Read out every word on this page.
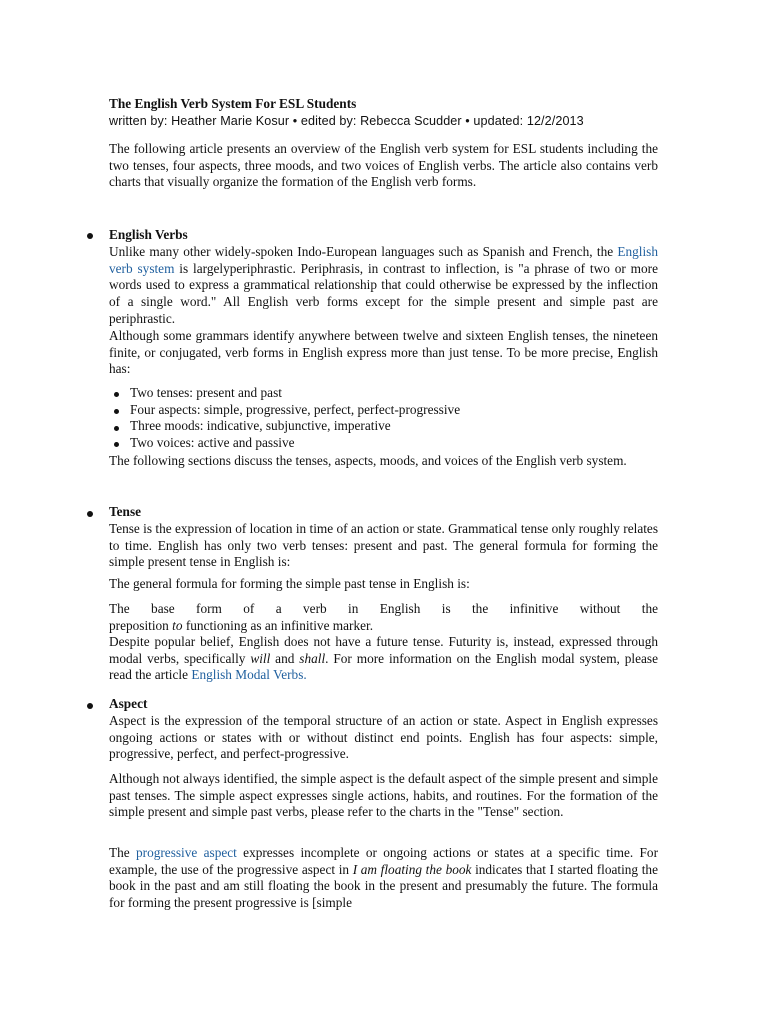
The English Verb System For ESL Students
written by: Heather Marie Kosur • edited by: Rebecca Scudder • updated: 12/2/2013

The following article presents an overview of the English verb system for ESL students including the two tenses, four aspects, three moods, and two voices of English verbs. The article also contains verb charts that visually organize the formation of the English verb forms.

English Verbs

Unlike many other widely-spoken Indo-European languages such as Spanish and French, the English verb system is largelyperiphrastic. Periphrasis, in contrast to inflection, is "a phrase of two or more words used to express a grammatical relationship that could otherwise be expressed by the inflection of a single word." All English verb forms except for the simple present and simple past are periphrastic.

Although some grammars identify anywhere between twelve and sixteen English tenses, the nineteen finite, or conjugated, verb forms in English express more than just tense. To be more precise, English has:

Two tenses: present and past
Four aspects: simple, progressive, perfect, perfect-progressive
Three moods: indicative, subjunctive, imperative
Two voices: active and passive

The following sections discuss the tenses, aspects, moods, and voices of the English verb system.

Tense

Tense is the expression of location in time of an action or state. Grammatical tense only roughly relates to time. English has only two verb tenses: present and past. The general formula for forming the simple present tense in English is:

The general formula for forming the simple past tense in English is:

The base form of a verb in English is the infinitive without the

preposition to functioning as an infinitive marker.

Despite popular belief, English does not have a future tense. Futurity is, instead, expressed through modal verbs, specifically will and shall. For more information on the English modal system, please read the article English Modal Verbs.

Aspect

Aspect is the expression of the temporal structure of an action or state. Aspect in English expresses ongoing actions or states with or without distinct end points. English has four aspects: simple, progressive, perfect, and perfect-progressive.

Although not always identified, the simple aspect is the default aspect of the simple present and simple past tenses. The simple aspect expresses single actions, habits, and routines. For the formation of the simple present and simple past verbs, please refer to the charts in the "Tense" section.

The progressive aspect expresses incomplete or ongoing actions or states at a specific time. For example, the use of the progressive aspect in I am floating the book indicates that I started floating the book in the past and am still floating the book in the present and presumably the future. The formula for forming the present progressive is [simple
